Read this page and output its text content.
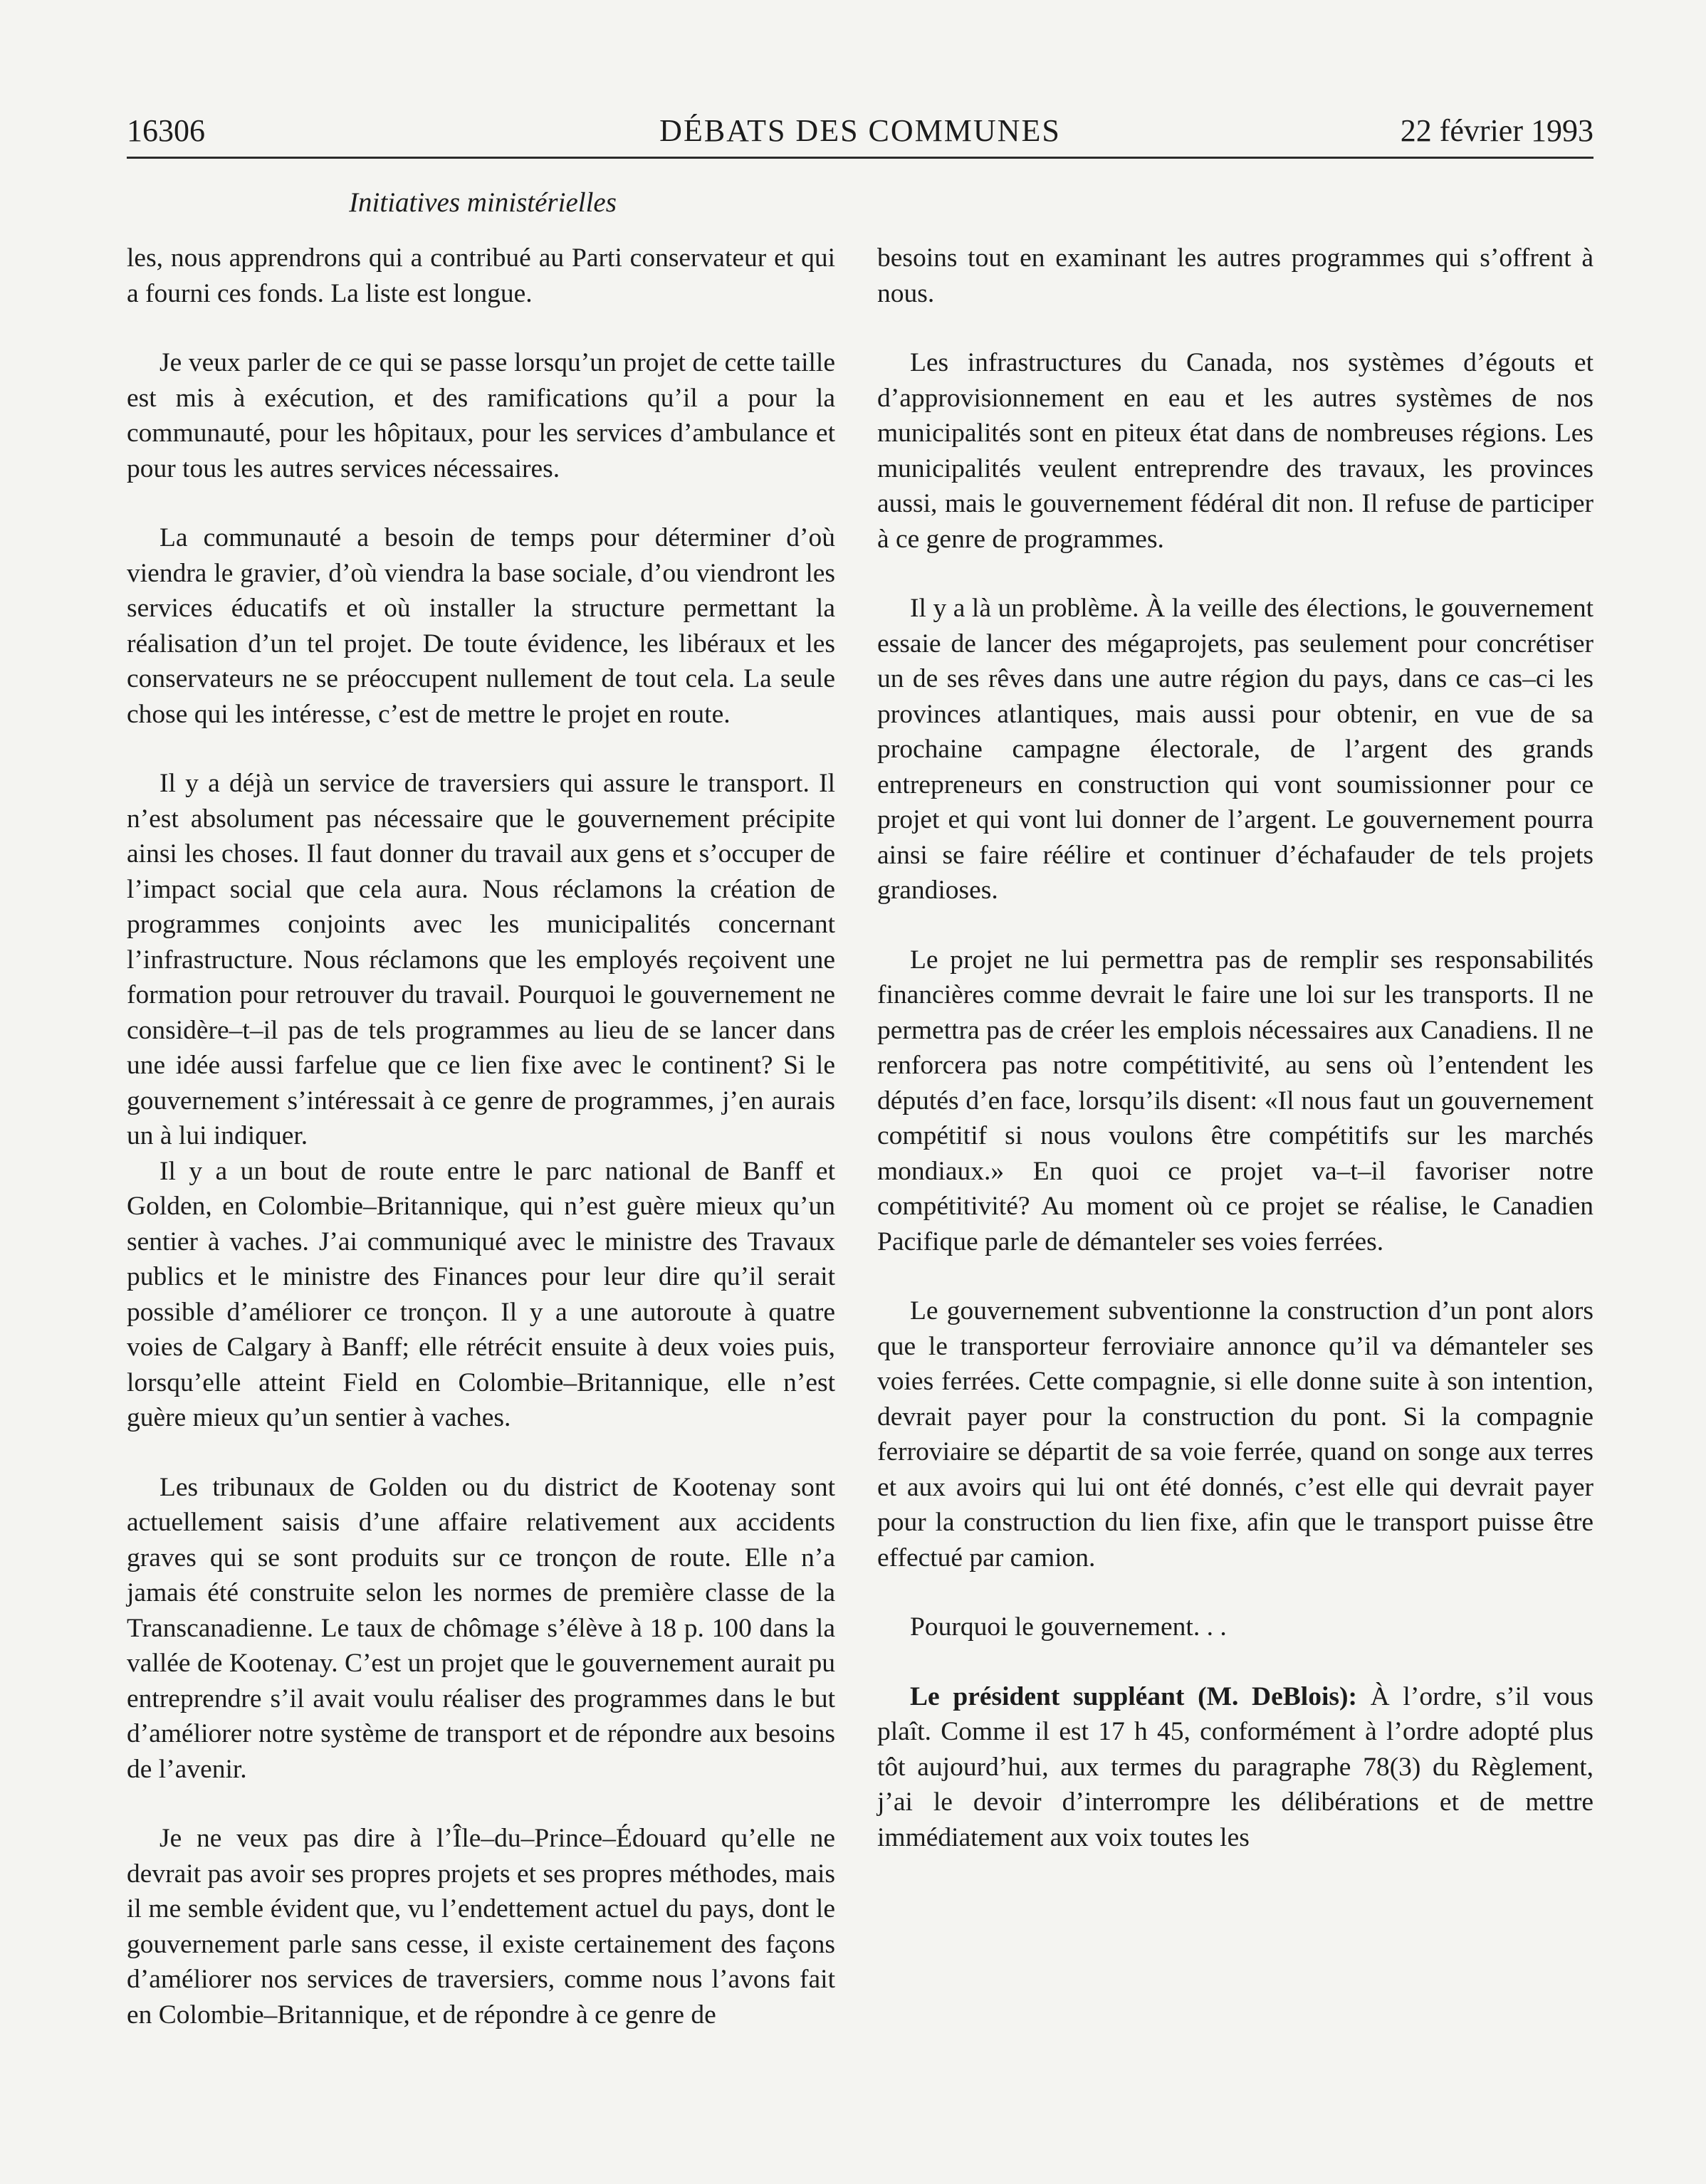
16306	DÉBATS DES COMMUNES	22 février 1993
Initiatives ministérielles

les, nous apprendrons qui a contribué au Parti conservateur et qui a fourni ces fonds. La liste est longue.

Je veux parler de ce qui se passe lorsqu’un projet de cette taille est mis à exécution, et des ramifications qu’il a pour la communauté, pour les hôpitaux, pour les services d’ambulance et pour tous les autres services nécessaires.

La communauté a besoin de temps pour déterminer d’où viendra le gravier, d’où viendra la base sociale, d’ou viendront les services éducatifs et où installer la structure permettant la réalisation d’un tel projet. De toute évidence, les libéraux et les conservateurs ne se préoccupent nullement de tout cela. La seule chose qui les intéresse, c’est de mettre le projet en route.

Il y a déjà un service de traversiers qui assure le transport. Il n’est absolument pas nécessaire que le gouvernement précipite ainsi les choses. Il faut donner du travail aux gens et s’occuper de l’impact social que cela aura. Nous réclamons la création de programmes conjoints avec les municipalités concernant l’infrastructure. Nous réclamons que les employés reçoivent une formation pour retrouver du travail. Pourquoi le gouvernement ne considère–t–il pas de tels programmes au lieu de se lancer dans une idée aussi farfelue que ce lien fixe avec le continent? Si le gouvernement s’intéressait à ce genre de programmes, j’en aurais un à lui indiquer.

Il y a un bout de route entre le parc national de Banff et Golden, en Colombie–Britannique, qui n’est guère mieux qu’un sentier à vaches. J’ai communiqué avec le ministre des Travaux publics et le ministre des Finances pour leur dire qu’il serait possible d’améliorer ce tronçon. Il y a une autoroute à quatre voies de Calgary à Banff; elle rétrécit ensuite à deux voies puis, lorsqu’elle atteint Field en Colombie–Britannique, elle n’est guère mieux qu’un sentier à vaches.

Les tribunaux de Golden ou du district de Kootenay sont actuellement saisis d’une affaire relativement aux accidents graves qui se sont produits sur ce tronçon de route. Elle n’a jamais été construite selon les normes de première classe de la Transcanadienne. Le taux de chômage s’élève à 18 p. 100 dans la vallée de Kootenay. C’est un projet que le gouvernement aurait pu entreprendre s’il avait voulu réaliser des programmes dans le but d’améliorer notre système de transport et de répondre aux besoins de l’avenir.

Je ne veux pas dire à l’Île–du–Prince–Édouard qu’elle ne devrait pas avoir ses propres projets et ses propres méthodes, mais il me semble évident que, vu l’endettement actuel du pays, dont le gouvernement parle sans cesse, il existe certainement des façons d’améliorer nos services de traversiers, comme nous l’avons fait en Colombie–Britannique, et de répondre à ce genre de

besoins tout en examinant les autres programmes qui s’offrent à nous.

Les infrastructures du Canada, nos systèmes d’égouts et d’approvisionnement en eau et les autres systèmes de nos municipalités sont en piteux état dans de nombreuses régions. Les municipalités veulent entreprendre des travaux, les provinces aussi, mais le gouvernement fédéral dit non. Il refuse de participer à ce genre de programmes.

Il y a là un problème. À la veille des élections, le gouvernement essaie de lancer des mégaprojets, pas seulement pour concrétiser un de ses rêves dans une autre région du pays, dans ce cas–ci les provinces atlantiques, mais aussi pour obtenir, en vue de sa prochaine campagne électorale, de l’argent des grands entrepreneurs en construction qui vont soumissionner pour ce projet et qui vont lui donner de l’argent. Le gouvernement pourra ainsi se faire réélire et continuer d’échafauder de tels projets grandioses.

Le projet ne lui permettra pas de remplir ses responsabilités financières comme devrait le faire une loi sur les transports. Il ne permettra pas de créer les emplois nécessaires aux Canadiens. Il ne renforcera pas notre compétitivité, au sens où l’entendent les députés d’en face, lorsqu’ils disent: «Il nous faut un gouvernement compétitif si nous voulons être compétitifs sur les marchés mondiaux.» En quoi ce projet va–t–il favoriser notre compétitivité? Au moment où ce projet se réalise, le Canadien Pacifique parle de démanteler ses voies ferrées.

Le gouvernement subventionne la construction d’un pont alors que le transporteur ferroviaire annonce qu’il va démanteler ses voies ferrées. Cette compagnie, si elle donne suite à son intention, devrait payer pour la construction du pont. Si la compagnie ferroviaire se départit de sa voie ferrée, quand on songe aux terres et aux avoirs qui lui ont été donnés, c’est elle qui devrait payer pour la construction du lien fixe, afin que le transport puisse être effectué par camion.

Pourquoi le gouvernement. . .

Le président suppléant (M. DeBlois): À l’ordre, s’il vous plaît. Comme il est 17 h 45, conformément à l’ordre adopté plus tôt aujourd’hui, aux termes du paragraphe 78(3) du Règlement, j’ai le devoir d’interrompre les délibérations et de mettre immédiatement aux voix toutes les
